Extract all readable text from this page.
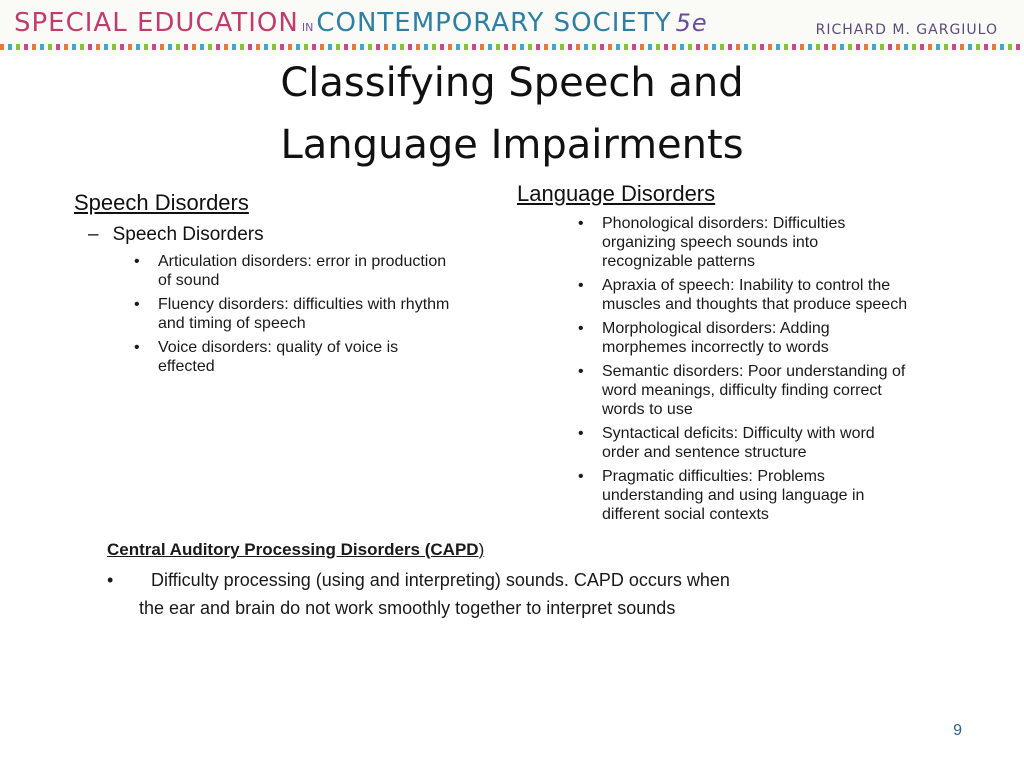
SPECIAL EDUCATION IN CONTEMPORARY SOCIETY 5e	RICHARD M. GARGIULO
Classifying Speech and
Language Impairments
Speech Disorders
– Speech Disorders
• Articulation disorders: error in production of sound
• Fluency disorders: difficulties with rhythm and timing of speech
• Voice disorders: quality of voice is effected
Language Disorders
• Phonological disorders: Difficulties organizing speech sounds into recognizable patterns
• Apraxia of speech: Inability to control the muscles and thoughts that produce speech
• Morphological disorders: Adding morphemes incorrectly to words
• Semantic disorders: Poor understanding of word meanings, difficulty finding correct words to use
• Syntactical deficits: Difficulty with word order and sentence structure
• Pragmatic difficulties: Problems understanding and using language in different social contexts
Central Auditory Processing Disorders (CAPD)
• Difficulty processing (using and interpreting) sounds. CAPD occurs when
the ear and brain do not work smoothly together to interpret sounds
9
